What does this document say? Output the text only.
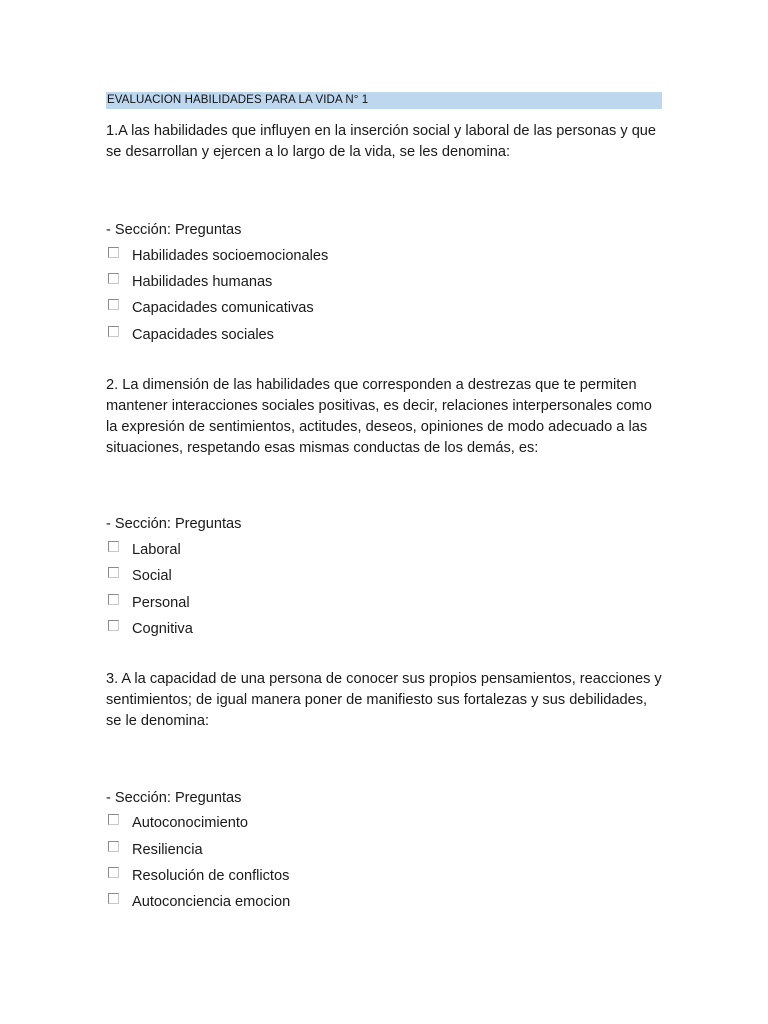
EVALUACION HABILIDADES PARA LA VIDA N° 1
1.A las habilidades que influyen en la inserción social y laboral de las personas y que se desarrollan y ejercen a lo largo de la vida, se les denomina:
- Sección: Preguntas
Habilidades socioemocionales
Habilidades humanas
Capacidades comunicativas
Capacidades sociales
2. La dimensión de las habilidades que corresponden a destrezas que te permiten mantener interacciones sociales positivas, es decir, relaciones interpersonales como la expresión de sentimientos, actitudes, deseos, opiniones de modo adecuado a las situaciones, respetando esas mismas conductas de los demás, es:
- Sección: Preguntas
Laboral
Social
Personal
Cognitiva
3. A la capacidad de una persona de conocer sus propios pensamientos, reacciones y sentimientos; de igual manera poner de manifiesto sus fortalezas y sus debilidades, se le denomina:
- Sección: Preguntas
Autoconocimiento
Resiliencia
Resolución de conflictos
Autoconciencia emocion
